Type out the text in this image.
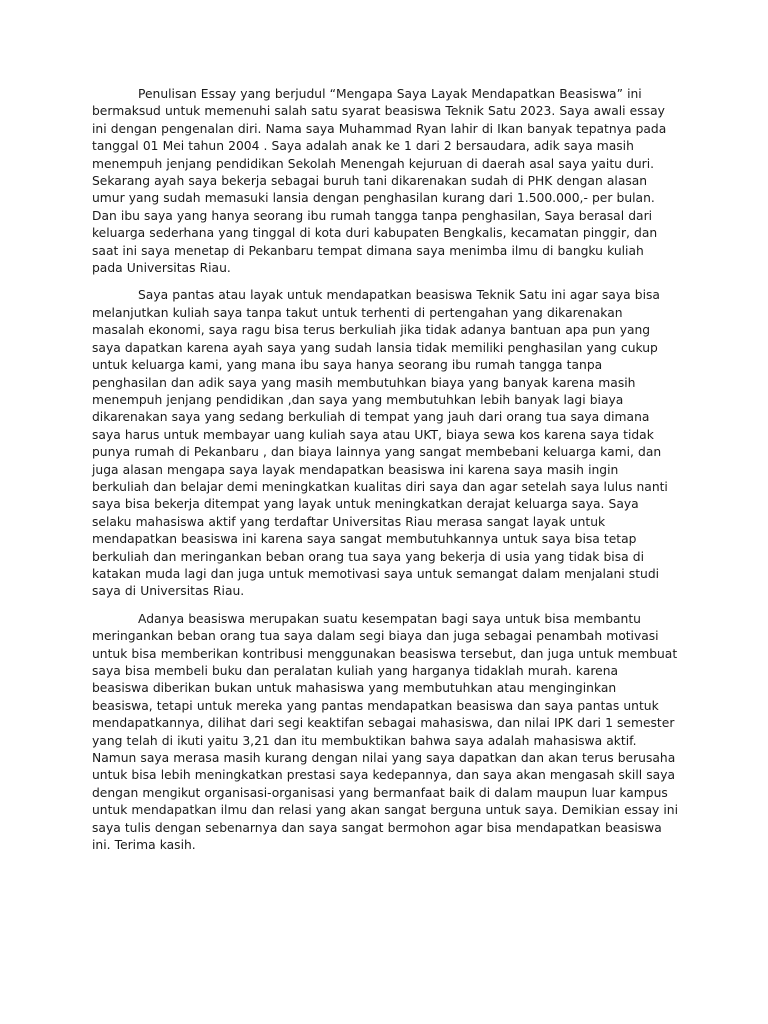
Penulisan Essay yang berjudul “Mengapa Saya Layak Mendapatkan Beasiswa” ini bermaksud untuk memenuhi salah satu syarat beasiswa Teknik Satu 2023. Saya awali essay ini dengan pengenalan diri. Nama saya Muhammad Ryan lahir di Ikan banyak tepatnya pada tanggal 01 Mei tahun 2004 . Saya adalah anak ke 1 dari 2 bersaudara, adik saya masih menempuh jenjang pendidikan Sekolah Menengah kejuruan di daerah asal saya yaitu duri. Sekarang ayah saya bekerja sebagai buruh tani dikarenakan sudah di PHK dengan alasan umur yang sudah memasuki lansia dengan penghasilan kurang dari 1.500.000,- per bulan. Dan ibu saya yang hanya seorang ibu rumah tangga tanpa penghasilan, Saya berasal dari keluarga sederhana yang tinggal di kota duri kabupaten Bengkalis, kecamatan pinggir, dan saat ini saya menetap di Pekanbaru tempat dimana saya menimba ilmu di bangku kuliah pada Universitas Riau.

Saya pantas atau layak untuk mendapatkan beasiswa Teknik Satu ini agar saya bisa melanjutkan kuliah saya tanpa takut untuk terhenti di pertengahan yang dikarenakan masalah ekonomi, saya ragu bisa terus berkuliah jika tidak adanya bantuan apa pun yang saya dapatkan karena ayah saya yang sudah lansia tidak memiliki penghasilan yang cukup untuk keluarga kami, yang mana ibu saya hanya seorang ibu rumah tangga tanpa penghasilan dan adik saya yang masih membutuhkan biaya yang banyak karena masih menempuh jenjang pendidikan ,dan saya yang membutuhkan lebih banyak lagi biaya dikarenakan saya yang sedang berkuliah di tempat yang jauh dari orang tua saya dimana saya harus untuk membayar uang kuliah saya atau UKT, biaya sewa kos karena saya tidak punya rumah di Pekanbaru , dan biaya lainnya yang sangat membebani keluarga kami, dan juga alasan mengapa saya layak mendapatkan beasiswa ini karena saya masih ingin berkuliah dan belajar demi meningkatkan kualitas diri saya dan agar setelah saya lulus nanti saya bisa bekerja ditempat yang layak untuk meningkatkan derajat keluarga saya. Saya selaku mahasiswa aktif yang terdaftar Universitas Riau merasa sangat layak untuk mendapatkan beasiswa ini karena saya sangat membutuhkannya untuk saya bisa tetap berkuliah dan meringankan beban orang tua saya yang bekerja di usia yang tidak bisa di katakan muda lagi dan juga untuk memotivasi saya untuk semangat dalam menjalani studi saya di Universitas Riau.

Adanya beasiswa merupakan suatu kesempatan bagi saya untuk bisa membantu meringankan beban orang tua saya dalam segi biaya dan juga sebagai penambah motivasi untuk bisa memberikan kontribusi menggunakan beasiswa tersebut, dan juga untuk membuat saya bisa membeli buku dan peralatan kuliah yang harganya tidaklah murah. karena beasiswa diberikan bukan untuk mahasiswa yang membutuhkan atau menginginkan beasiswa, tetapi untuk mereka yang pantas mendapatkan beasiswa dan saya pantas untuk mendapatkannya, dilihat dari segi keaktifan sebagai mahasiswa, dan nilai IPK dari 1 semester yang telah di ikuti yaitu 3,21 dan itu membuktikan bahwa saya adalah mahasiswa aktif. Namun saya merasa masih kurang dengan nilai yang saya dapatkan dan akan terus berusaha untuk bisa lebih meningkatkan prestasi saya kedepannya, dan saya akan mengasah skill saya dengan mengikut organisasi-organisasi yang bermanfaat baik di dalam maupun luar kampus untuk mendapatkan ilmu dan relasi yang akan sangat berguna untuk saya. Demikian essay ini saya tulis dengan sebenarnya dan saya sangat bermohon agar bisa mendapatkan beasiswa ini. Terima kasih.
